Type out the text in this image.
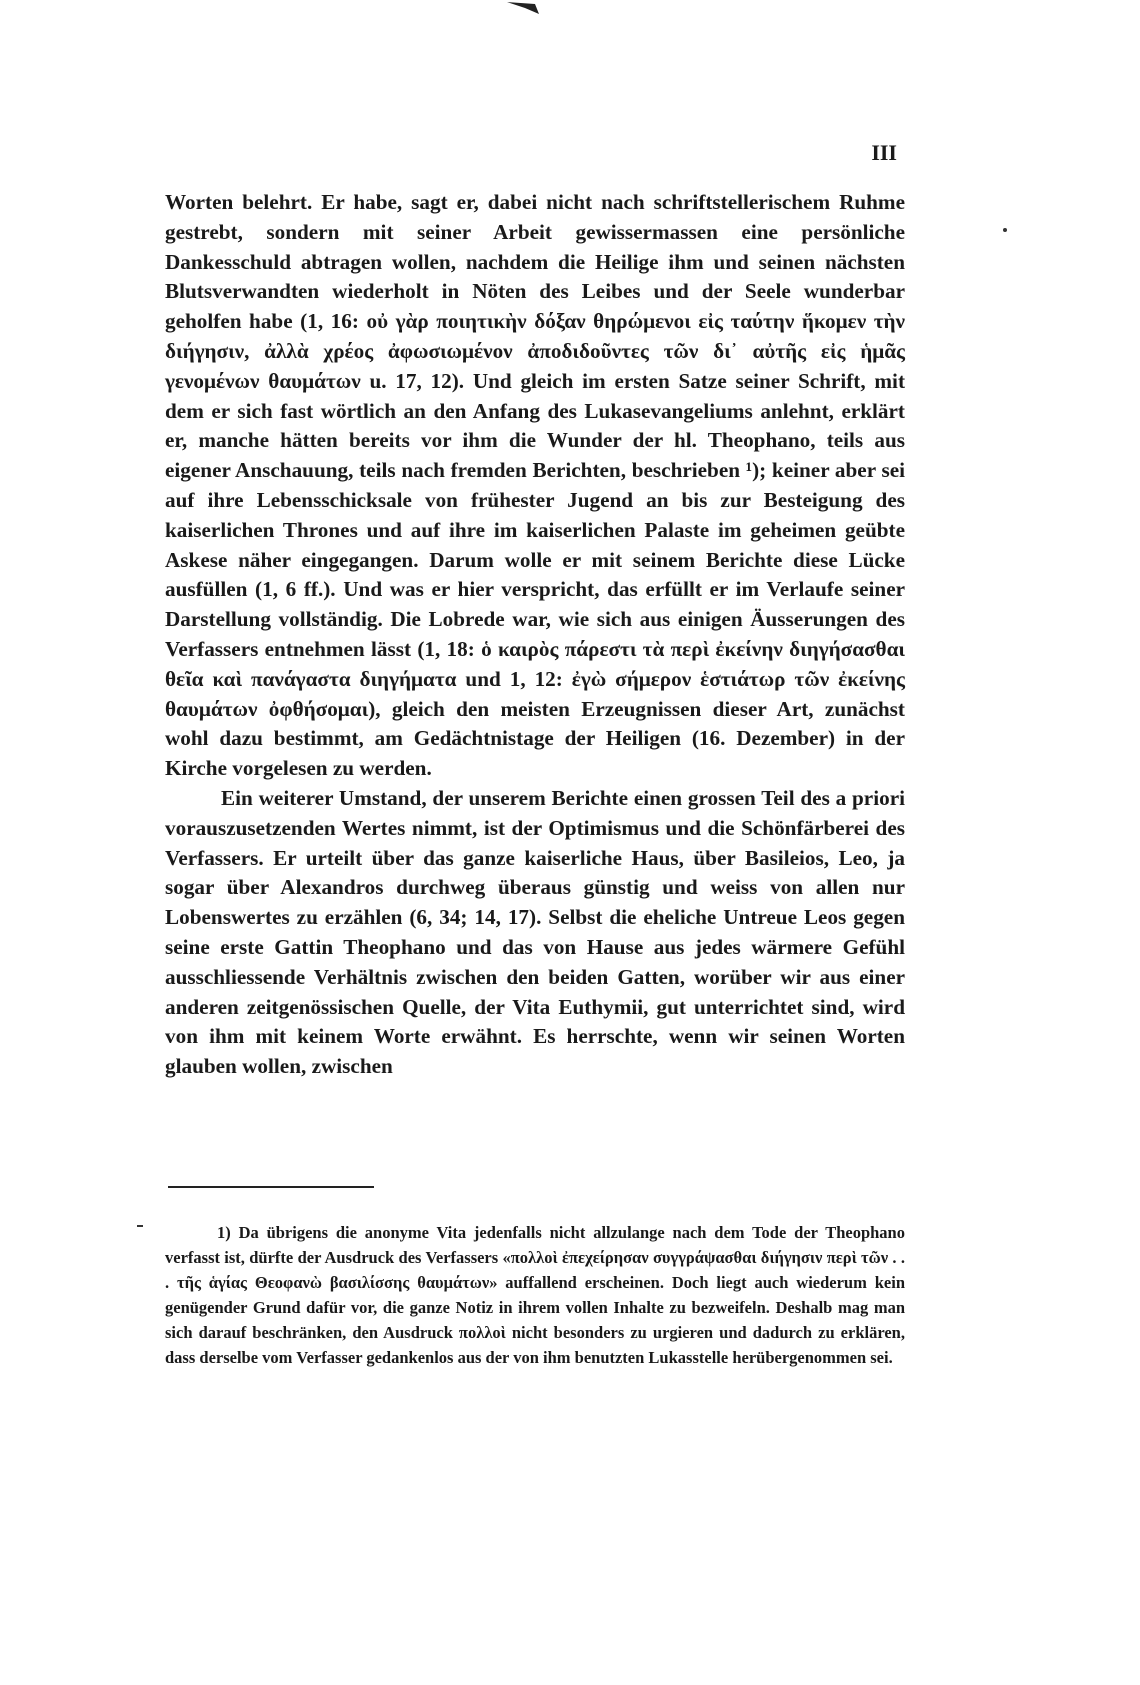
III

Worten belehrt. Er habe, sagt er, dabei nicht nach schriftstellerischem Ruhme gestrebt, sondern mit seiner Arbeit gewissermassen eine persönliche Dankesschuld abtragen wollen, nachdem die Heilige ihm und seinen nächsten Blutsverwandten wiederholt in Nöten des Leibes und der Seele wunderbar geholfen habe (1, 16: οὐ γὰρ ποιητικὴν δόξαν θηρώμενοι εἰς ταύτην ἥκομεν τὴν διήγησιν, ἀλλὰ χρέος ἀφωσιωμένον ἀποδιδοῦντες τῶν δι᾽ αὐτῆς εἰς ἡμᾶς γενομένων θαυμάτων u. 17, 12). Und gleich im ersten Satze seiner Schrift, mit dem er sich fast wörtlich an den Anfang des Lukasevangeliums anlehnt, erklärt er, manche hätten bereits vor ihm die Wunder der hl. Theophano, teils aus eigener Anschauung, teils nach fremden Berichten, beschrieben ¹); keiner aber sei auf ihre Lebensschicksale von frühester Jugend an bis zur Besteigung des kaiserlichen Thrones und auf ihre im kaiserlichen Palaste im geheimen geübte Askese näher eingegangen. Darum wolle er mit seinem Berichte diese Lücke ausfüllen (1, 6 ff.). Und was er hier verspricht, das erfüllt er im Verlaufe seiner Darstellung vollständig. Die Lobrede war, wie sich aus einigen Äusserungen des Verfassers entnehmen lässt (1, 18: ὁ καιρὸς πάρεστι τὰ περὶ ἐκείνην διηγήσασθαι θεῖα καὶ πανάγαστα διηγήματα und 1, 12: ἐγὼ σήμερον ἑστιάτωρ τῶν ἐκείνης θαυμάτων ὀφθήσομαι), gleich den meisten Erzeugnissen dieser Art, zunächst wohl dazu bestimmt, am Gedächtnistage der Heiligen (16. Dezember) in der Kirche vorgelesen zu werden.

Ein weiterer Umstand, der unserem Berichte einen grossen Teil des a priori vorauszusetzenden Wertes nimmt, ist der Optimismus und die Schönfärberei des Verfassers. Er urteilt über das ganze kaiserliche Haus, über Basileios, Leo, ja sogar über Alexandros durchweg überaus günstig und weiss von allen nur Lobenswertes zu erzählen (6, 34; 14, 17). Selbst die eheliche Untreue Leos gegen seine erste Gattin Theophano und das von Hause aus jedes wärmere Gefühl ausschliessende Verhältnis zwischen den beiden Gatten, worüber wir aus einer anderen zeitgenössischen Quelle, der Vita Euthymii, gut unterrichtet sind, wird von ihm mit keinem Worte erwähnt. Es herrschte, wenn wir seinen Worten glauben wollen, zwischen

1) Da übrigens die anonyme Vita jedenfalls nicht allzulange nach dem Tode der Theophano verfasst ist, dürfte der Ausdruck des Verfassers «πολλοὶ ἐπεχείρησαν συγγράψασθαι διήγησιν περὶ τῶν . . . τῆς ἁγίας Θεοφανὼ βασιλίσσης θαυμάτων» auffallend erscheinen. Doch liegt auch wiederum kein genügender Grund dafür vor, die ganze Notiz in ihrem vollen Inhalte zu bezweifeln. Deshalb mag man sich darauf beschränken, den Ausdruck πολλοὶ nicht besonders zu urgieren und dadurch zu erklären, dass derselbe vom Verfasser gedankenlos aus der von ihm benutzten Lukasstelle herübergenommen sei.
